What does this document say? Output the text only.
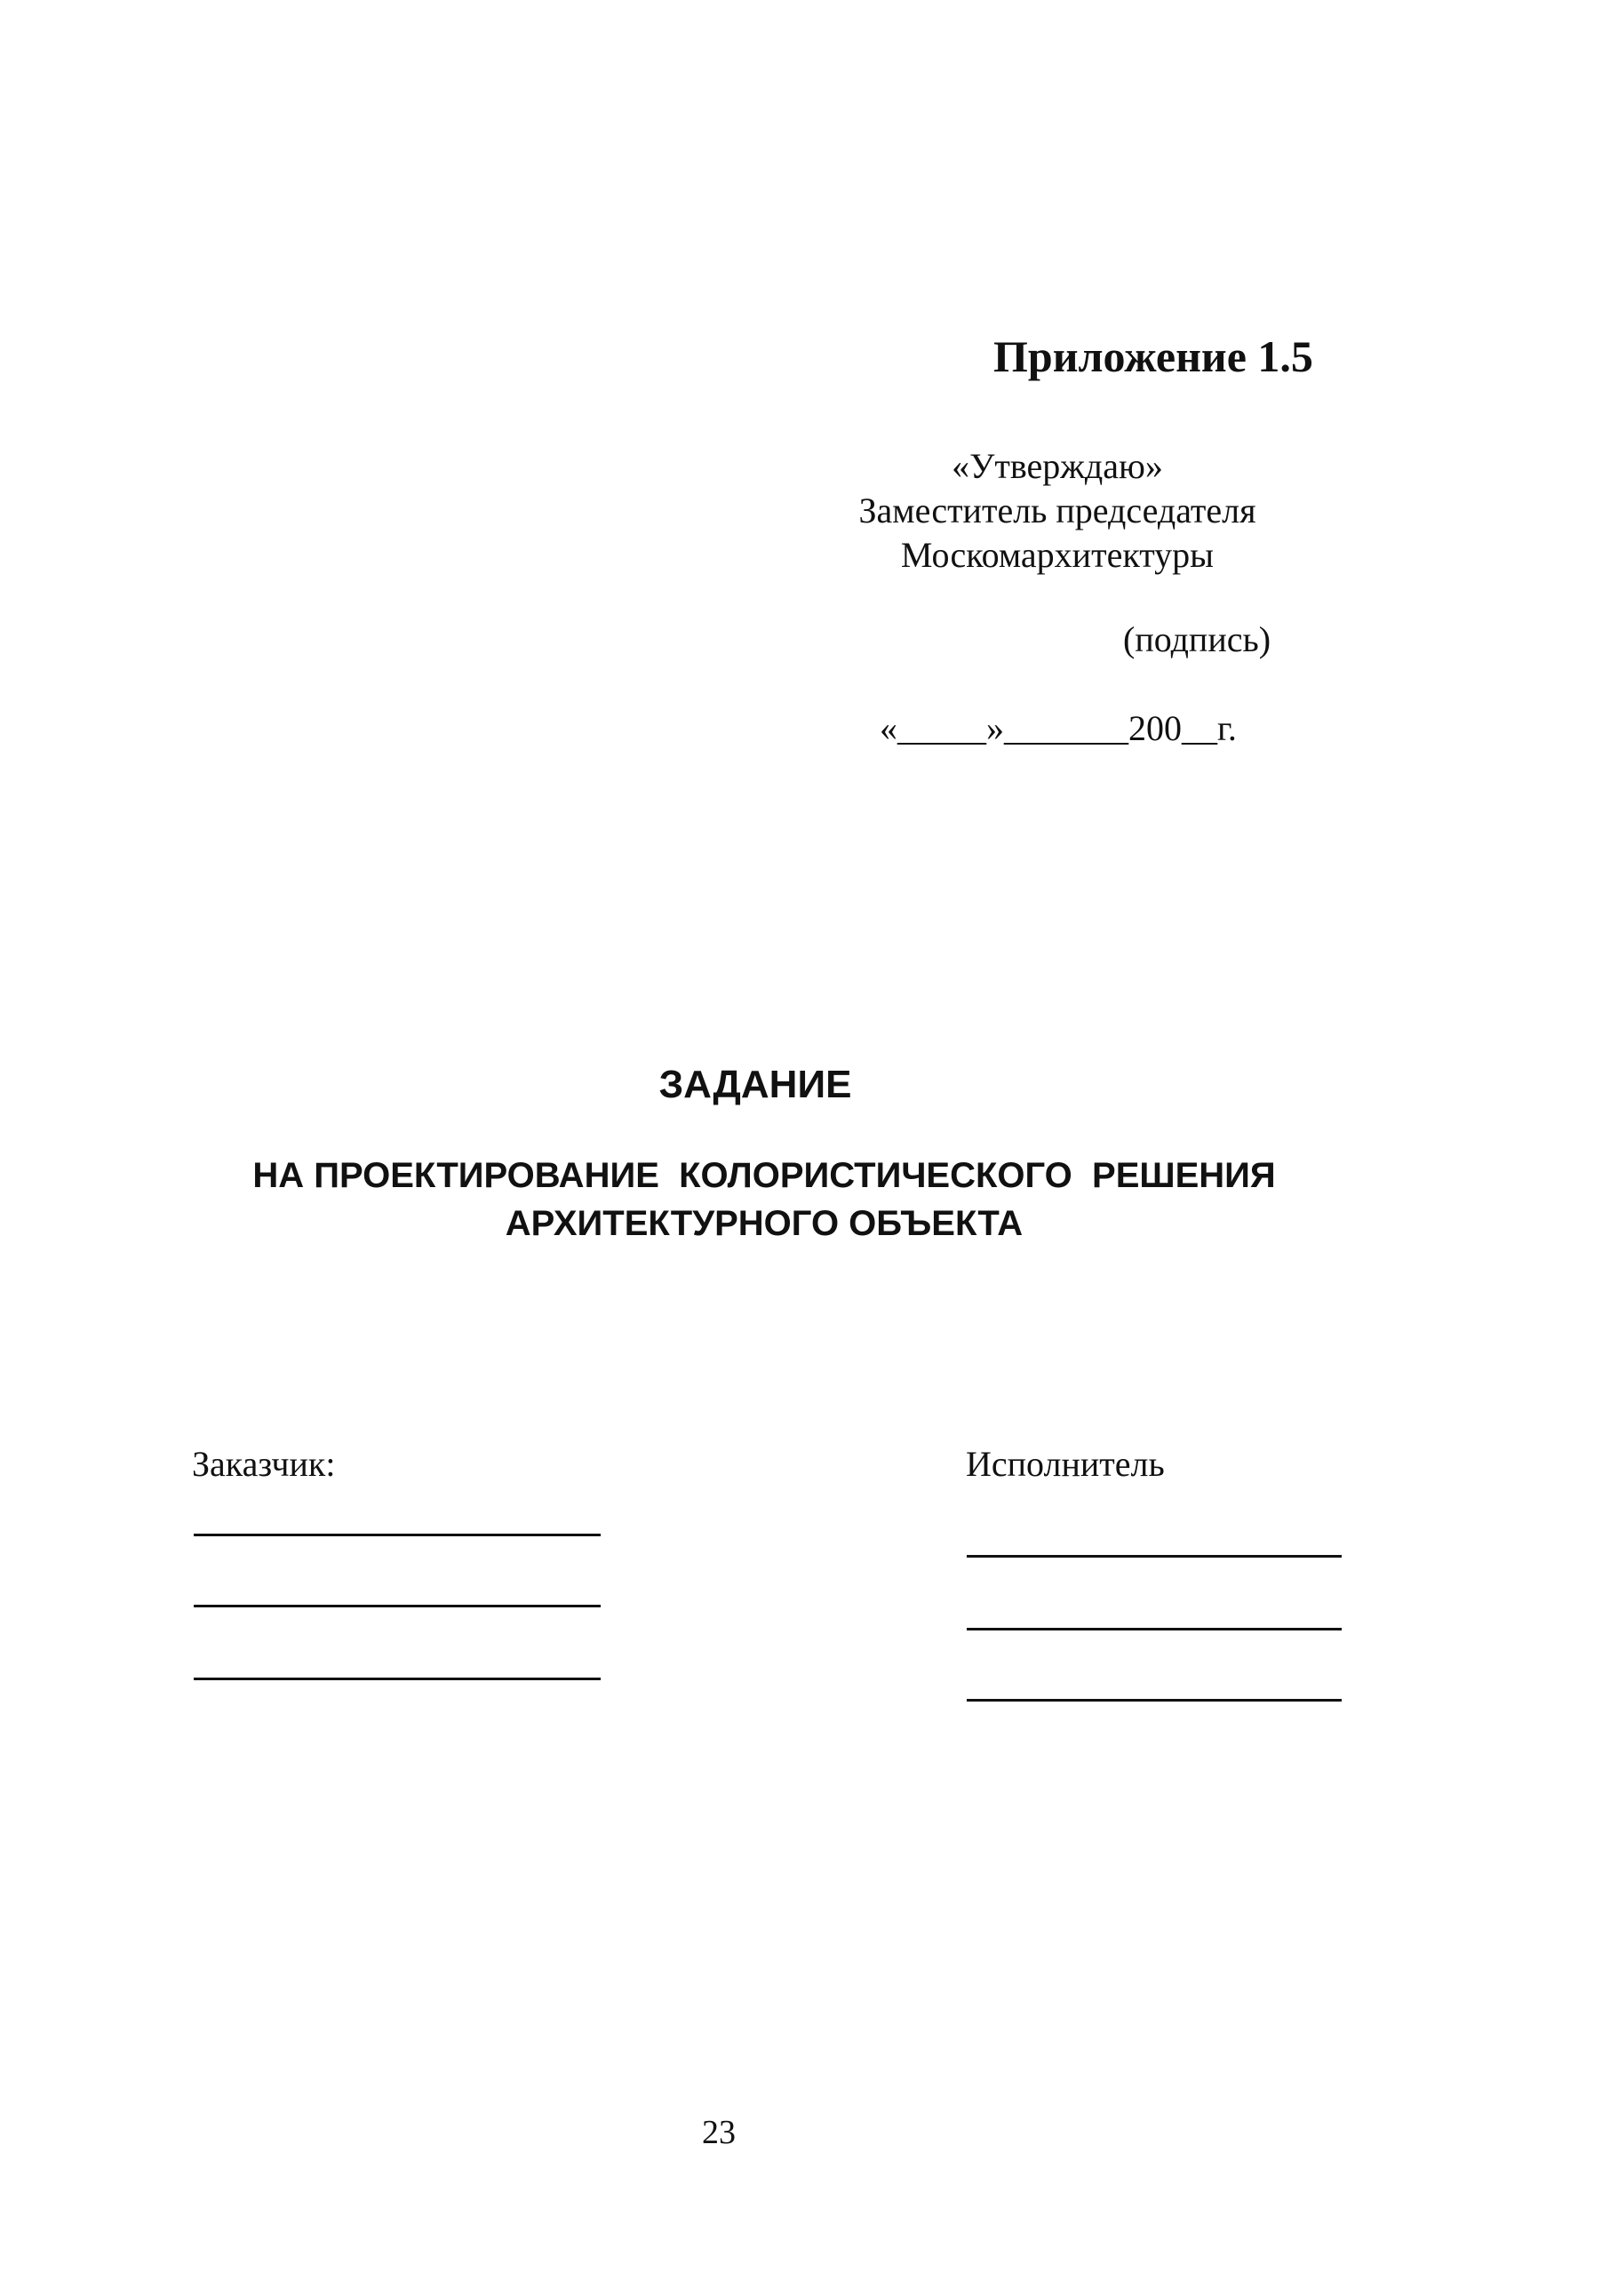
Приложение 1.5
«Утверждаю»
Заместитель председателя
Москомархитектуры
(подпись)
«_____»_______200__г.
ЗАДАНИЕ
НА ПРОЕКТИРОВАНИЕ  КОЛОРИСТИЧЕСКОГО  РЕШЕНИЯ
АРХИТЕКТУРНОГО ОБЪЕКТА
Заказчик:	Исполнитель
23
